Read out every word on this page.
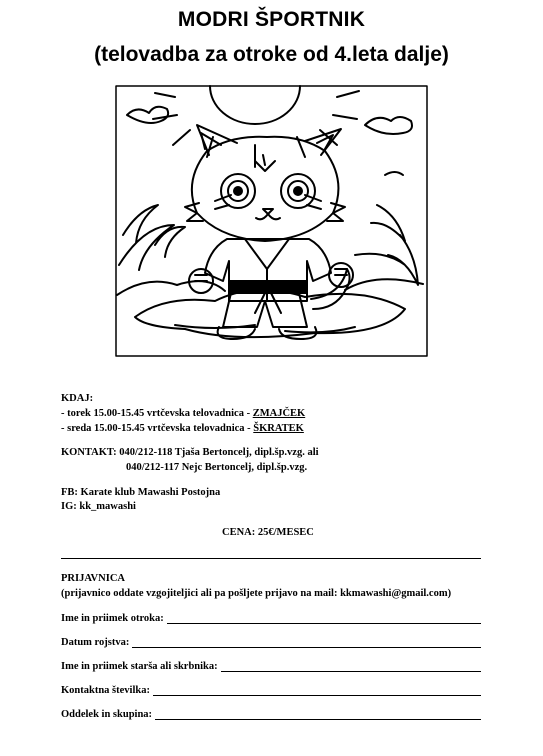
MODRI ŠPORTNIK
(telovadba za otroke od 4.leta dalje)
KDAJ:
- torek 15.00-15.45 vrtčevska telovadnica - ZMAJČEK
- sreda 15.00-15.45 vrtčevska telovadnica - ŠKRATEK
KONTAKT: 040/212-118 Tjaša Bertoncelj, dipl.šp.vzg. ali
040/212-117 Nejc Bertoncelj, dipl.šp.vzg.
FB: Karate klub Mawashi Postojna
IG: kk_mawashi
CENA: 25€/MESEC
PRIJAVNICA
(prijavnico oddate vzgojiteljici ali pa pošljete prijavo na mail: kkmawashi@gmail.com)
Ime in priimek otroka:
Datum rojstva:
Ime in priimek starša ali skrbnika:
Kontaktna številka:
Oddelek in skupina:
